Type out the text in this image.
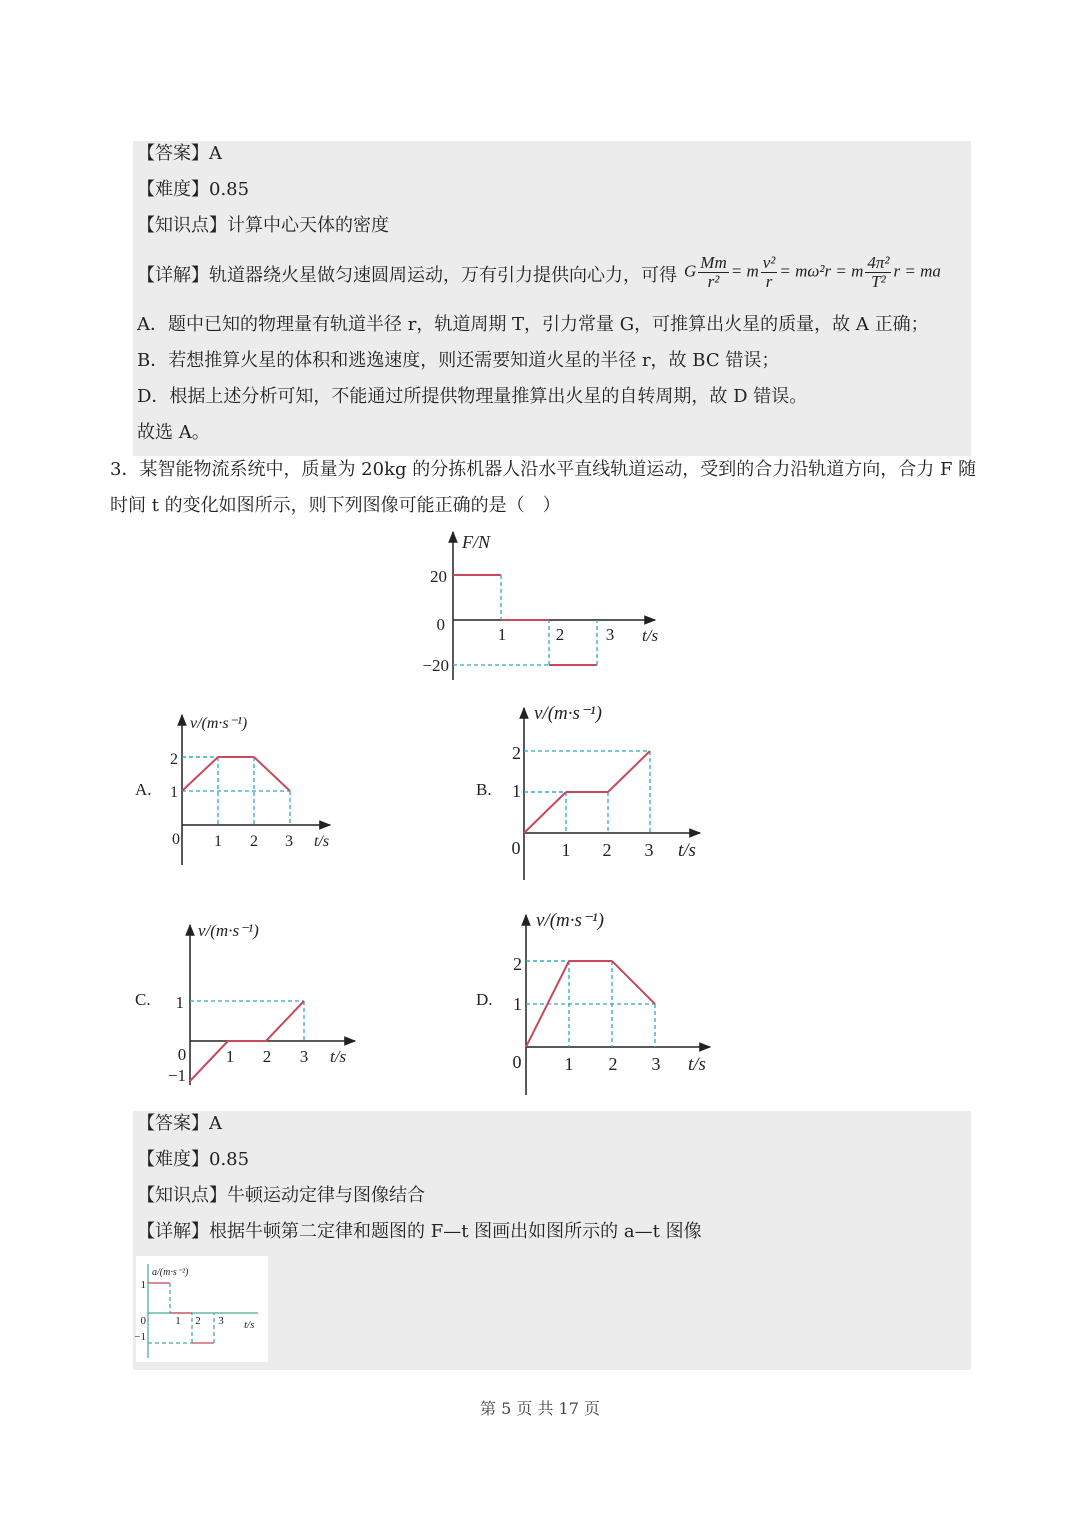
【答案】A
【难度】0.85
【知识点】计算中心天体的密度
【详解】轨道器绕火星做匀速圆周运动，万有引力提供向心力，可得 G $\frac{Mm}{\text{r²}} = m \frac{\text{v²}}{r} = m\omega^2r = m \frac{\text{4π²}}{\text{T²}}$ r = ma
A．题中已知的物理量有轨道半径 r，轨道周期 T，引力常量 G，可推算出火星的质量，故 A 正确；
B．若想推算火星的体积和逃逸速度，则还需要知道火星的半径 r，故 BC 错误；
D．根据上述分析可知，不能通过所提供物理量推算出火星的自转周期，故 D 错误。
故选 A。
3．某智能物流系统中，质量为 20kg 的分拣机器人沿水平直线轨道运动，受到的合力沿轨道方向，合力 F 随
时间 t 的变化如图所示，则下列图像可能正确的是（　）
F/N
t/s
20
0
−20
1	2 3
A.
v/(m·s⁻¹)
t/s
0 1 2 3
2
1	B.
v/(m·s⁻¹)
t/s
0 1 2 3
2
1
C.
v/(m·s⁻¹)
t/s
0 1 2 3
1
−1
D.
v/(m·s⁻¹)
t/s
0 1 2 3
2
1
【答案】A
【难度】0.85
【知识点】牛顿运动定律与图像结合
【详解】根据牛顿第二定律和题图的 F—t 图画出如图所示的 a—t 图像
a/(m·s⁻²)
t/s
0	1 2 3
1
−1
第 5 页 共 17 页
